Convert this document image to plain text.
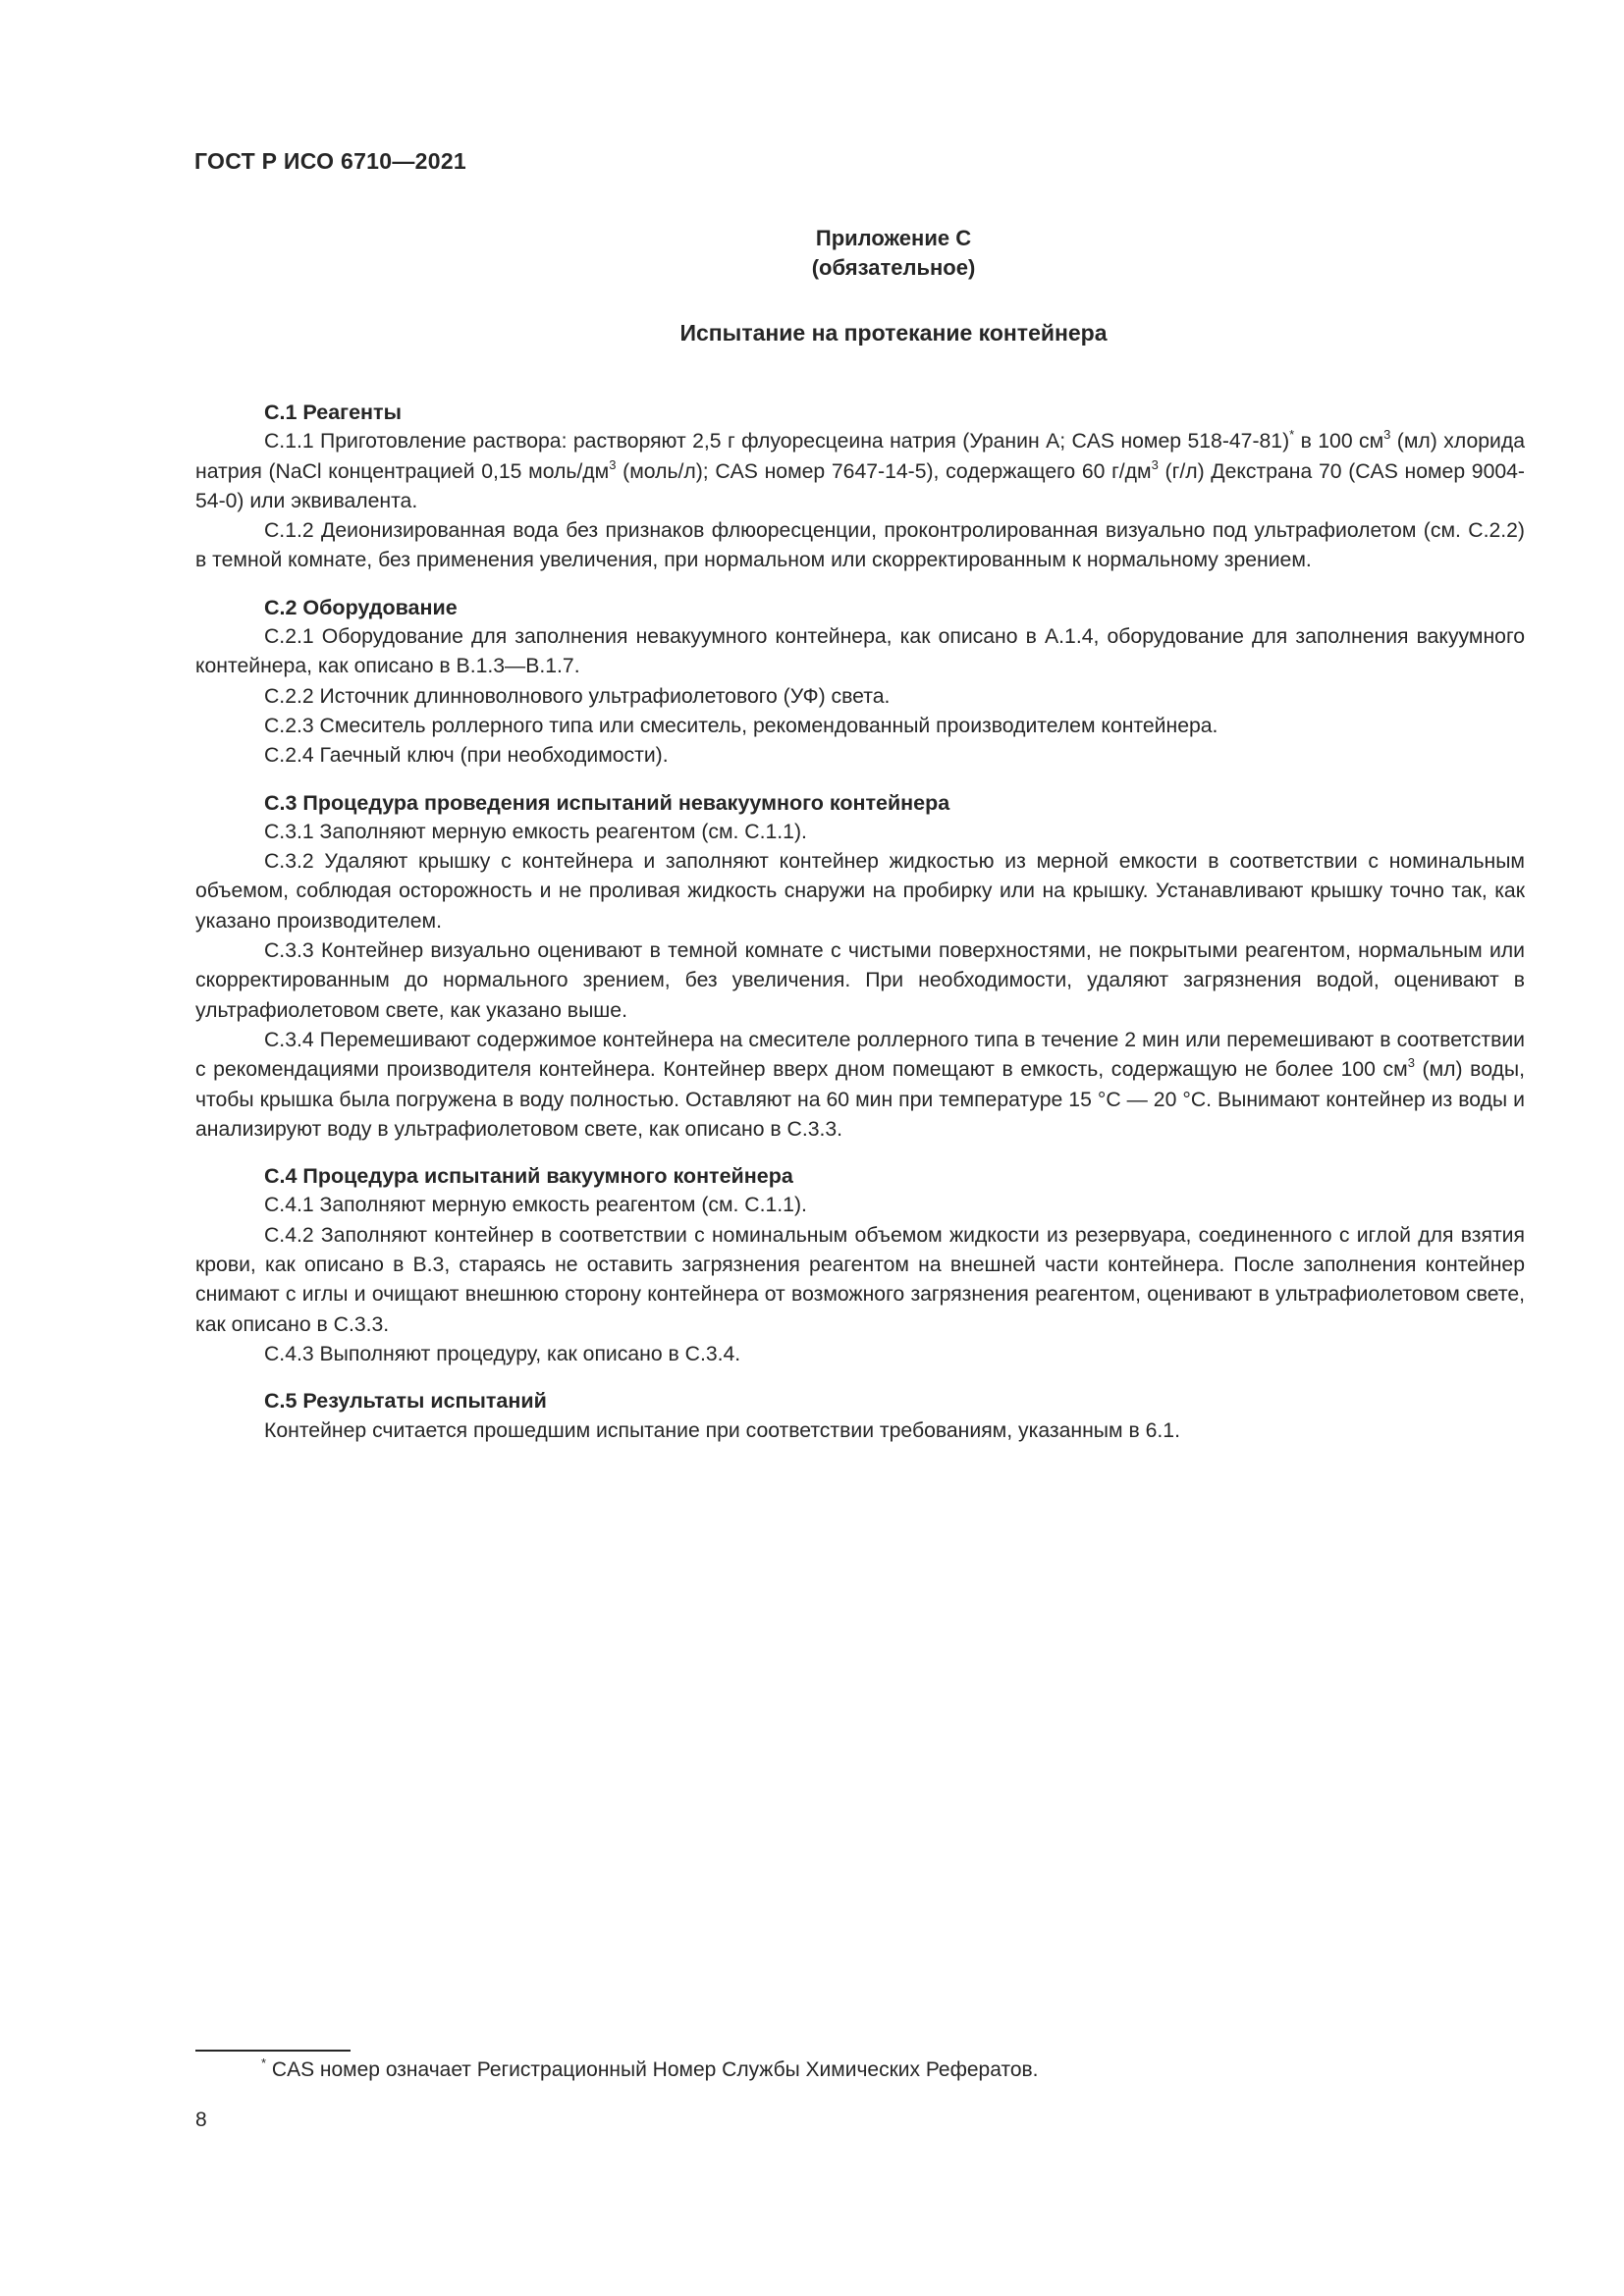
ГОСТ Р ИСО 6710—2021

Приложение С

(обязательное)

Испытание на протекание контейнера
С.1 Реагенты

С.1.1 Приготовление раствора: растворяют 2,5 г флуоресцеина натрия (Уранин А; CAS номер 518-47-81)* в 100 $см^3$ (мл) хлорида натрия (NaCl концентрацией 0,15 моль/$дм^3$ (моль/л); CAS номер 7647-14-5), содержащего 60 $г/дм^3$ (г/л) Декстрана 70 (CAS номер 9004-54-0) или эквивалента.

С.1.2 Деионизированная вода без признаков флюоресценции, проконтролированная визуально под ультрафиолетом (см. С.2.2) в темной комнате, без применения увеличения, при нормальном или скорректированным к нормальному зрением.

С.2 Оборудование

С.2.1 Оборудование для заполнения невакуумного контейнера, как описано в А.1.4, оборудование для заполнения вакуумного контейнера, как описано в В.1.3—В.1.7.

С.2.2 Источник длинноволнового ультрафиолетового (УФ) света.

С.2.3 Смеситель роллерного типа или смеситель, рекомендованный производителем контейнера.

С.2.4 Гаечный ключ (при необходимости).

С.3 Процедура проведения испытаний невакуумного контейнера

С.3.1 Заполняют мерную емкость реагентом (см. С.1.1).

С.3.2 Удаляют крышку с контейнера и заполняют контейнер жидкостью из мерной емкости в соответствии с номинальным объемом, соблюдая осторожность и не проливая жидкость снаружи на пробирку или на крышку. Устанавливают крышку точно так, как указано производителем.

С.3.3 Контейнер визуально оценивают в темной комнате с чистыми поверхностями, не покрытыми реагентом, нормальным или скорректированным до нормального зрением, без увеличения. При необходимости, удаляют загрязнения водой, оценивают в ультрафиолетовом свете, как указано выше.

С.3.4 Перемешивают содержимое контейнера на смесителе роллерного типа в течение 2 мин или перемешивают в соответствии с рекомендациями производителя контейнера. Контейнер вверх дном помещают в емкость, содержащую не более 100 $см^3$ (мл) воды, чтобы крышка была погружена в воду полностью. Оставляют на 60 мин при температуре 15 °C — 20 °C. Вынимают контейнер из воды и анализируют воду в ультрафиолетовом свете, как описано в С.3.3.

С.4 Процедура испытаний вакуумного контейнера

С.4.1 Заполняют мерную емкость реагентом (см. С.1.1).

С.4.2 Заполняют контейнер в соответствии с номинальным объемом жидкости из резервуара, соединенного с иглой для взятия крови, как описано в В.3, стараясь не оставить загрязнения реагентом на внешней части контейнера. После заполнения контейнер снимают с иглы и очищают внешнюю сторону контейнера от возможного загрязнения реагентом, оценивают в ультрафиолетовом свете, как описано в С.3.3.

С.4.3 Выполняют процедуру, как описано в С.3.4.

С.5 Результаты испытаний

Контейнер считается прошедшим испытание при соответствии требованиям, указанным в 6.1.

* CAS номер означает Регистрационный Номер Службы Химических Рефератов.

8
